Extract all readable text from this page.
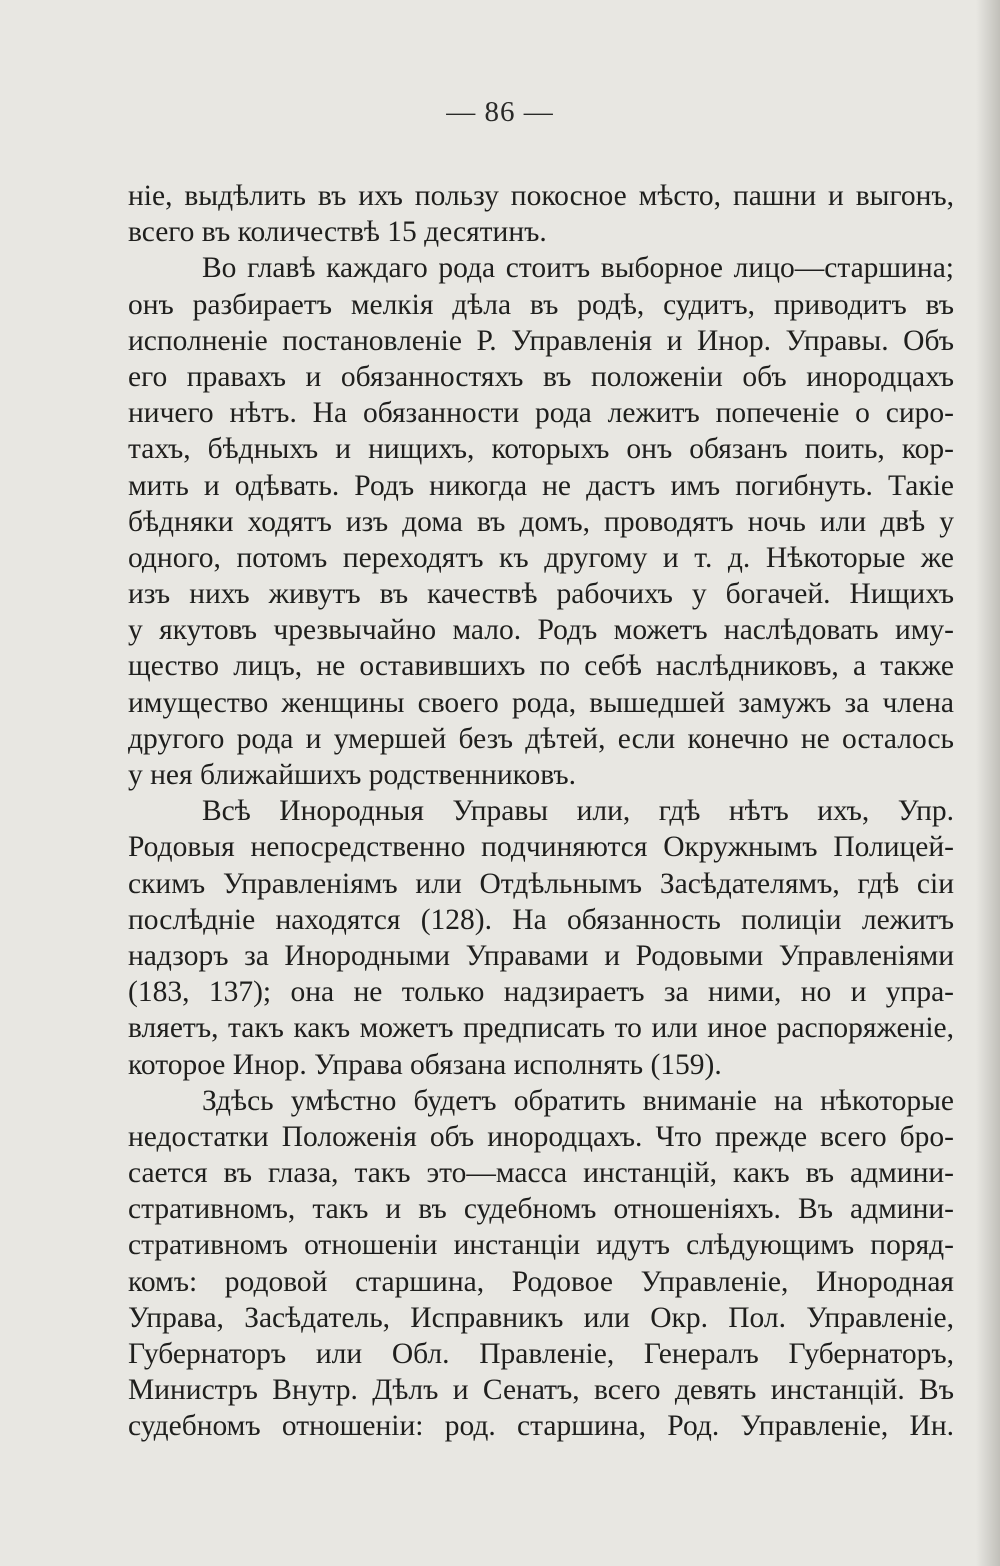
— 86 —
ніе, выдѣлить въ ихъ пользу покосное мѣсто, пашни и выгонъ,
всего въ количествѣ 15 десятинъ.
Во главѣ каждаго рода стоитъ выборное лицо—старшина;
онъ разбираетъ мелкія дѣла въ родѣ, судитъ, приводитъ въ
исполненіе постановленіе Р. Управленія и Инор. Управы. Объ
его правахъ и обязанностяхъ въ положеніи объ инородцахъ
ничего нѣтъ. На обязанности рода лежитъ попеченіе о сиро-
тахъ, бѣдныхъ и нищихъ, которыхъ онъ обязанъ поить, кор-
мить и одѣвать. Родъ никогда не дастъ имъ погибнуть. Такіе
бѣдняки ходятъ изъ дома въ домъ, проводятъ ночь или двѣ у
одного, потомъ переходятъ къ другому и т. д. Нѣкоторые же
изъ нихъ живутъ въ качествѣ рабочихъ у богачей. Нищихъ
у якутовъ чрезвычайно мало. Родъ можетъ наслѣдовать иму-
щество лицъ, не оставившихъ по себѣ наслѣдниковъ, а также
имущество женщины своего рода, вышедшей замужъ за члена
другого рода и умершей безъ дѣтей, если конечно не осталось
у нея ближайшихъ родственниковъ.
Всѣ Инородныя Управы или, гдѣ нѣтъ ихъ, Упр.
Родовыя непосредственно подчиняются Окружнымъ Полицей-
скимъ Управленіямъ или Отдѣльнымъ Засѣдателямъ, гдѣ сіи
послѣдніе находятся (128). На обязанность полиціи лежитъ
надзоръ за Инородными Управами и Родовыми Управленіями
(183, 137); она не только надзираетъ за ними, но и упра-
вляетъ, такъ какъ можетъ предписать то или иное распоряженіе,
которое Инор. Управа обязана исполнять (159).
Здѣсь умѣстно будетъ обратить вниманіе на нѣкоторые
недостатки Положенія объ инородцахъ. Что прежде всего бро-
сается въ глаза, такъ это—масса инстанцій, какъ въ админи-
стративномъ, такъ и въ судебномъ отношеніяхъ. Въ админи-
стративномъ отношеніи инстанціи идутъ слѣдующимъ поряд-
комъ: родовой старшина, Родовое Управленіе, Инородная
Управа, Засѣдатель, Исправникъ или Окр. Пол. Управленіе,
Губернаторъ или Обл. Правленіе, Генералъ Губернаторъ,
Министръ Внутр. Дѣлъ и Сенатъ, всего девять инстанцій. Въ
судебномъ отношеніи: род. старшина, Род. Управленіе, Ин.
